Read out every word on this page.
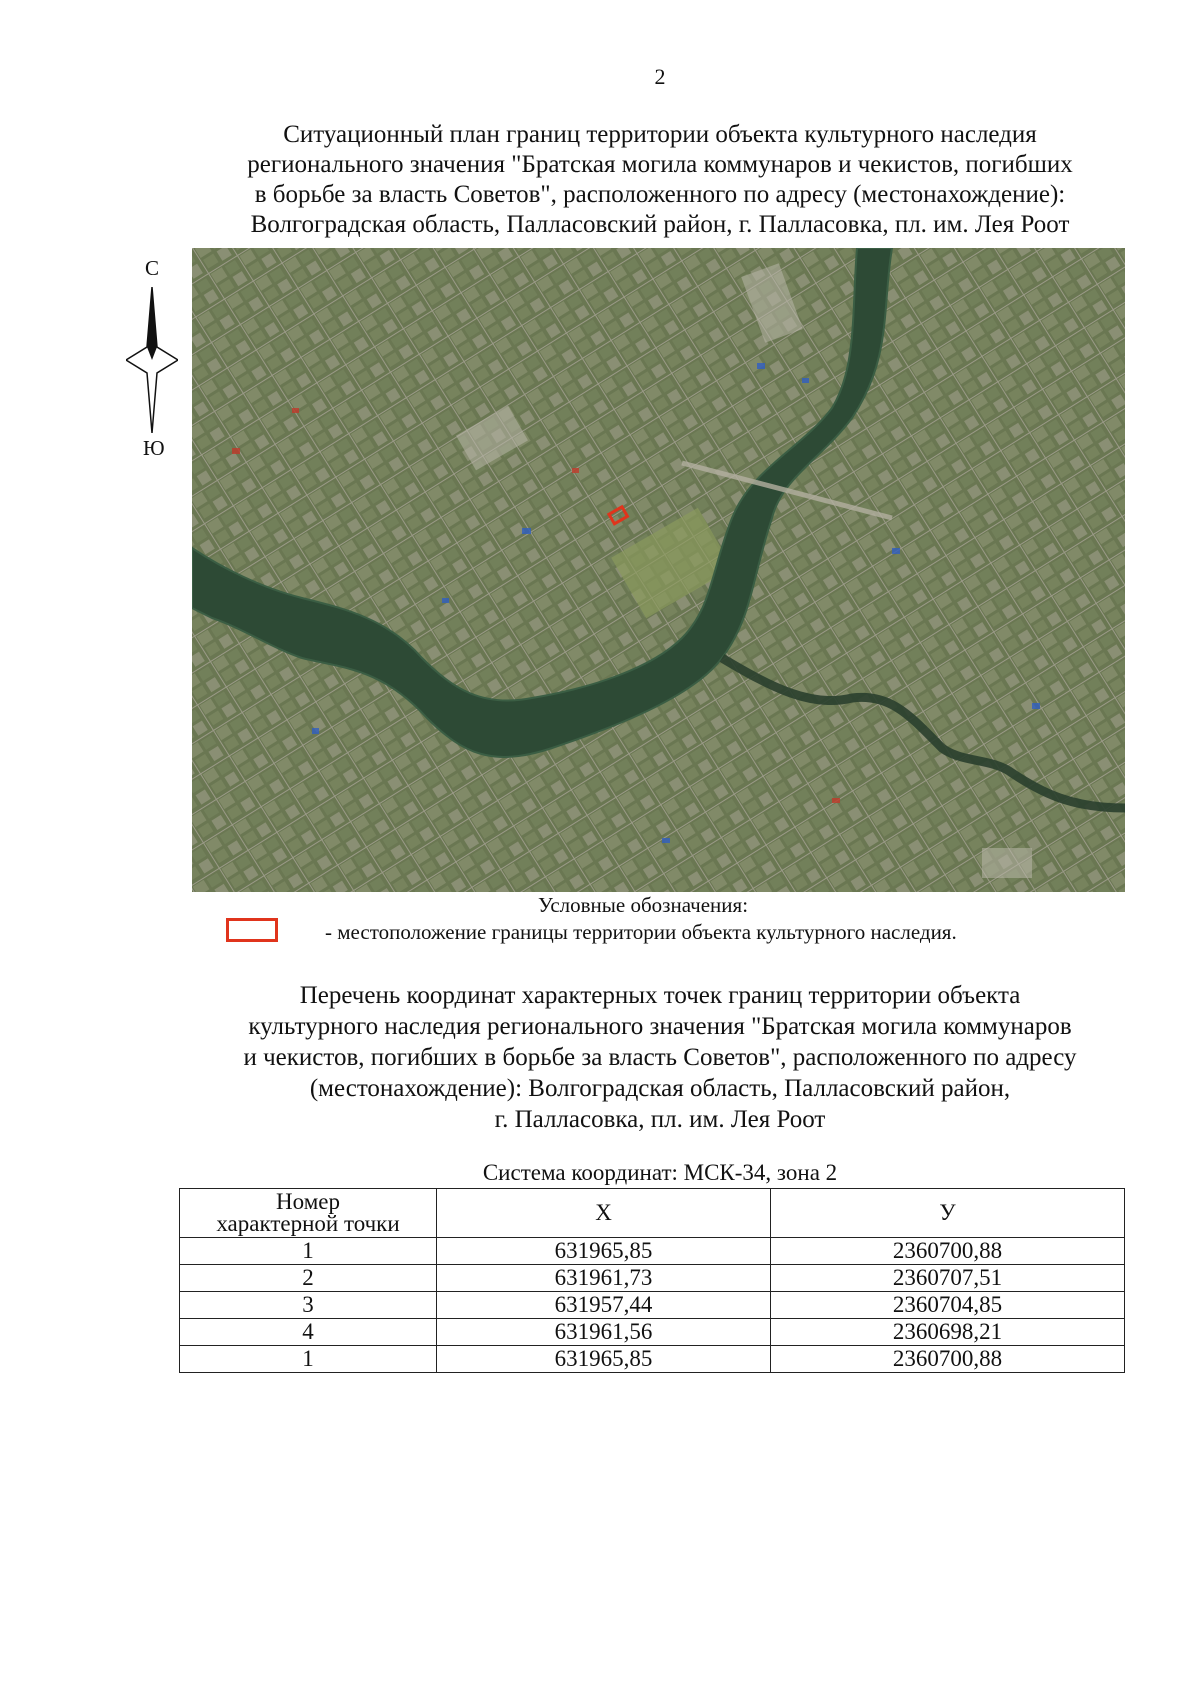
2
Ситуационный план границ территории объекта культурного наследия
регионального значения "Братская могила коммунаров и чекистов, погибших
в борьбе за власть Советов", расположенного по адресу (местонахождение):
Волгоградская область, Палласовский район, г. Палласовка, пл. им. Лея Роот
С
Ю
Условные обозначения:
- местоположение границы территории объекта культурного наследия.
Перечень координат характерных точек границ территории объекта
культурного наследия регионального значения "Братская могила коммунаров
и чекистов, погибших в борьбе за власть Советов", расположенного по адресу
(местонахождение): Волгоградская область, Палласовский район,
г. Палласовка, пл. им. Лея Роот
Система координат: МСК-34, зона 2
Номер
характерной точки	X	У
1	631965,85	2360700,88
2	631961,73	2360707,51
3	631957,44	2360704,85
4	631961,56	2360698,21
1	631965,85	2360700,88
